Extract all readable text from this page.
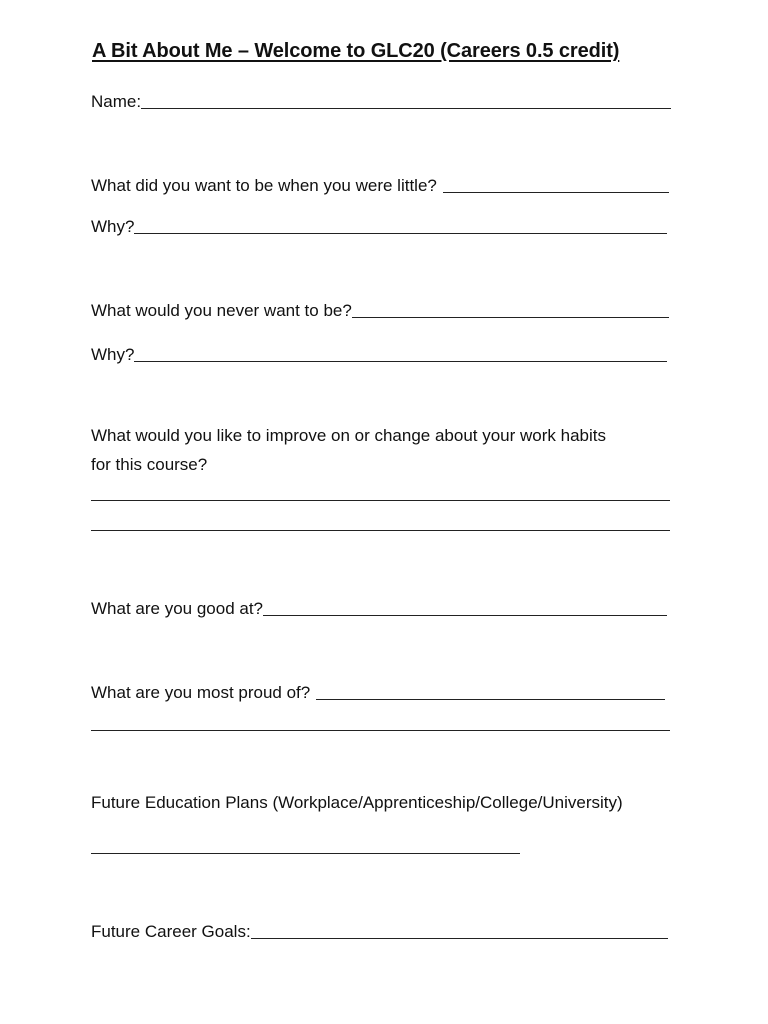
A Bit About Me – Welcome to GLC20 (Careers 0.5 credit)
Name:
What did you want to be when you were little?
Why?
What would you never want to be?
Why?
What would you like to improve on or change about your work habits
for this course?
What are you good at?
What are you most proud of?
Future Education Plans (Workplace/Apprenticeship/College/University)
Future Career Goals:
